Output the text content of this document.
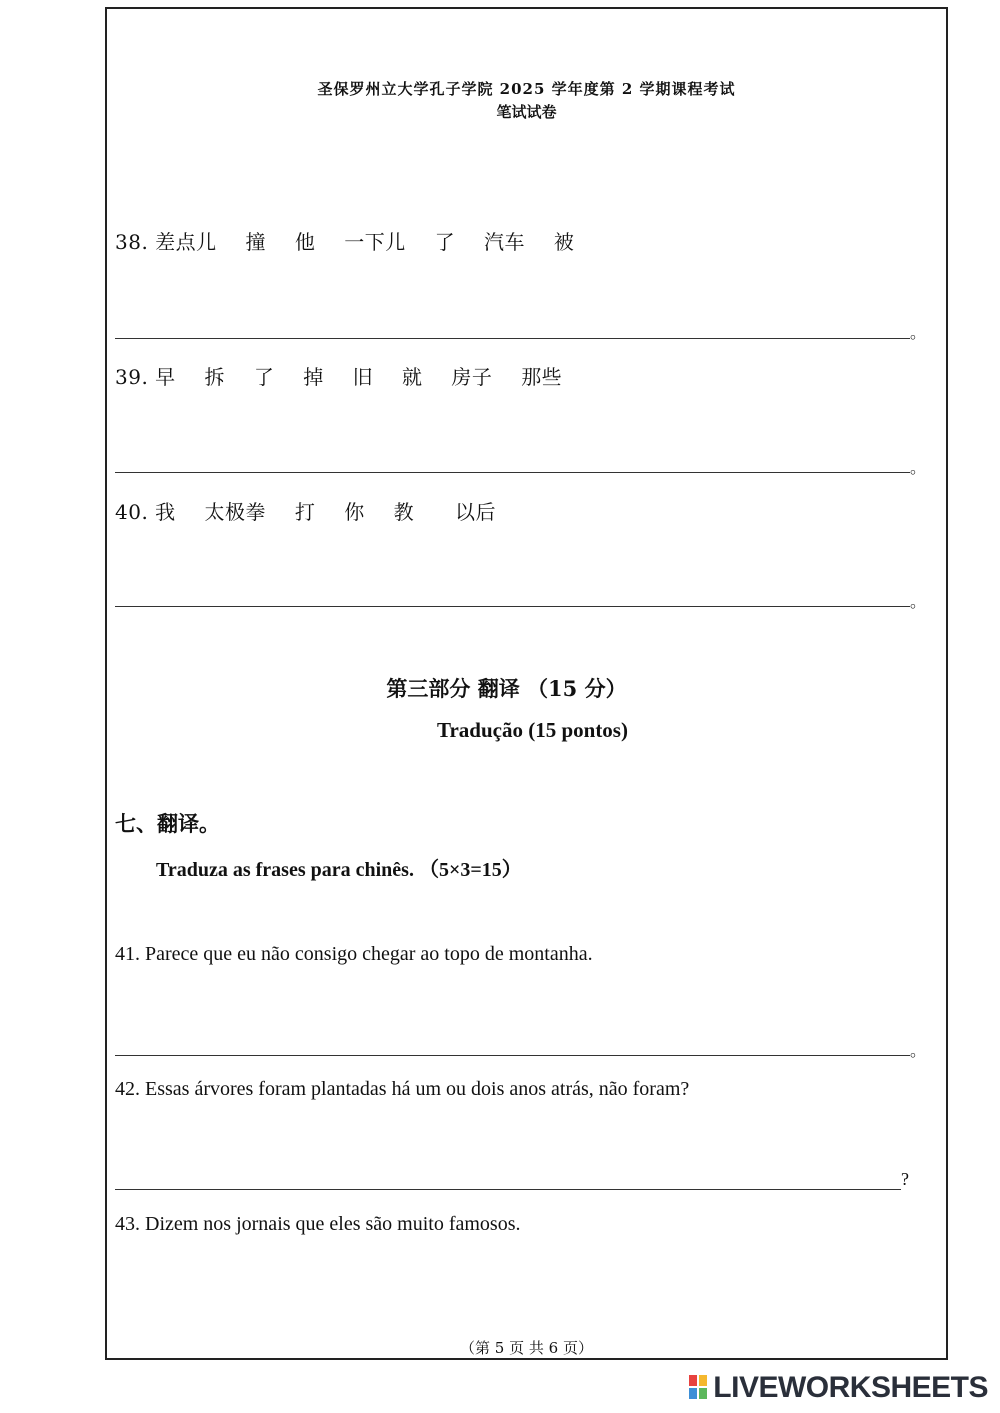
圣保罗州立大学孔子学院 2025 学年度第 2 学期课程考试
笔试试卷
38. 差点儿 撞 他 一下儿 了 汽车 被
。
39. 早 拆 了 掉 旧 就 房子 那些
。
40. 我 太极拳 打 你 教 以后
。
第三部分 翻译 （15 分）
Tradução (15 pontos)
七、翻译。
Traduza as frases para chinês. （5×3=15）
41. Parece que eu não consigo chegar ao topo de montanha.
。
42. Essas árvores foram plantadas há um ou dois anos atrás, não foram?
?
43. Dizem nos jornais que eles são muito famosos.
（第 5 页 共 6 页）
LIVEWORKSHEETS
